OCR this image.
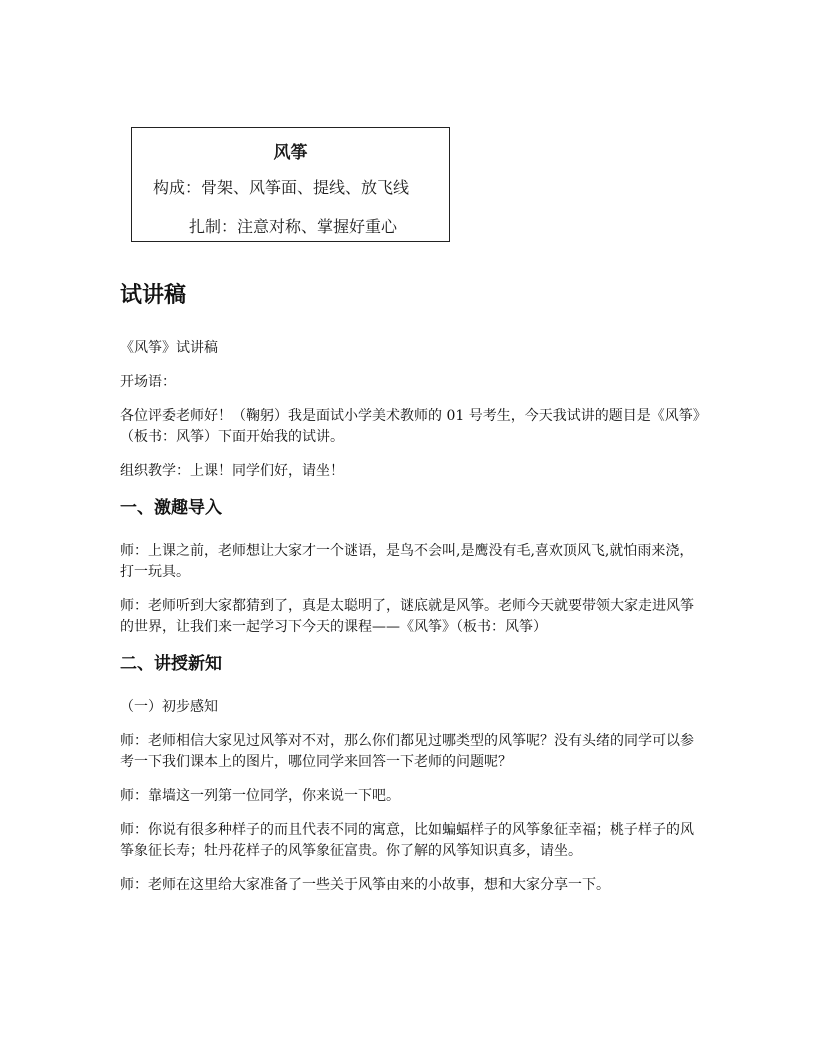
风筝
构成：骨架、风筝面、提线、放飞线
扎制：注意对称、掌握好重心
试讲稿

《风筝》试讲稿

开场语：

各位评委老师好！（鞠躬）我是面试小学美术教师的 01 号考生，今天我试讲的题目是《风筝》（板书：风筝）下面开始我的试讲。

组织教学：上课！同学们好，请坐！

一、激趣导入

师：上课之前，老师想让大家才一个谜语，是鸟不会叫,是鹰没有毛,喜欢顶风飞,就怕雨来浇，打一玩具。

师：老师听到大家都猜到了，真是太聪明了，谜底就是风筝。老师今天就要带领大家走进风筝的世界，让我们来一起学习下今天的课程——《风筝》（板书：风筝）

二、讲授新知

（一）初步感知

师：老师相信大家见过风筝对不对，那么你们都见过哪类型的风筝呢？没有头绪的同学可以参考一下我们课本上的图片，哪位同学来回答一下老师的问题呢？

师：靠墙这一列第一位同学，你来说一下吧。

师：你说有很多种样子的而且代表不同的寓意，比如蝙蝠样子的风筝象征幸福；桃子样子的风筝象征长寿；牡丹花样子的风筝象征富贵。你了解的风筝知识真多，请坐。

师：老师在这里给大家准备了一些关于风筝由来的小故事，想和大家分享一下。
